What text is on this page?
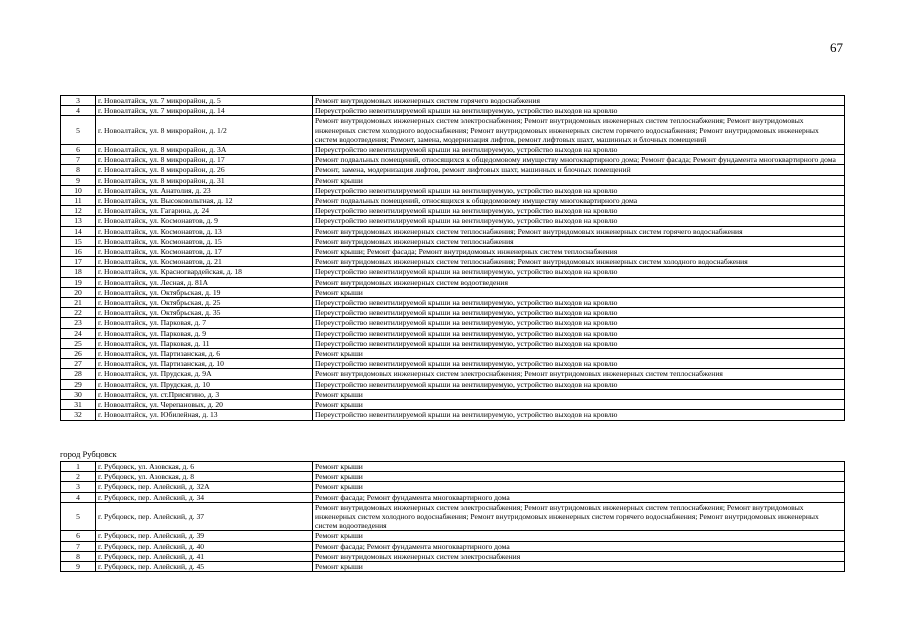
67
3	г. Новоалтайск, ул. 7 микрорайон, д. 5	Ремонт внутридомовых инженерных систем горячего водоснабжения
4	г. Новоалтайск, ул. 7 микрорайон, д. 14	Переустройство невентилируемой крыши на вентилируемую, устройство выходов на кровлю
5	г. Новоалтайск, ул. 8 микрорайон, д. 1/2	Ремонт внутридомовых инженерных систем электроснабжения; Ремонт внутридомовых инженерных систем теплоснабжения; Ремонт внутридомовых инженерных систем холодного водоснабжения; Ремонт внутридомовых инженерных систем горячего водоснабжения; Ремонт внутридомовых инженерных систем водоотведения; Ремонт, замена, модернизация лифтов, ремонт лифтовых шахт, машинных и блочных помещений
6	г. Новоалтайск, ул. 8 микрорайон, д. 3А	Переустройство невентилируемой крыши на вентилируемую, устройство выходов на кровлю
7	г. Новоалтайск, ул. 8 микрорайон, д. 17	Ремонт подвальных помещений, относящихся к общедомовому имуществу многоквартирного дома; Ремонт фасада; Ремонт фундамента многоквартирного дома
8	г. Новоалтайск, ул. 8 микрорайон, д. 26	Ремонт, замена, модернизация лифтов, ремонт лифтовых шахт, машинных и блочных помещений
9	г. Новоалтайск, ул. 8 микрорайон, д. 31	Ремонт крыши
10	г. Новоалтайск, ул. Анатолия, д. 23	Переустройство невентилируемой крыши на вентилируемую, устройство выходов на кровлю
11	г. Новоалтайск, ул. Высоковольтная, д. 12	Ремонт подвальных помещений, относящихся к общедомовому имуществу многоквартирного дома
12	г. Новоалтайск, ул. Гагарина, д. 24	Переустройство невентилируемой крыши на вентилируемую, устройство выходов на кровлю
13	г. Новоалтайск, ул. Космонавтов, д. 9	Переустройство невентилируемой крыши на вентилируемую, устройство выходов на кровлю
14	г. Новоалтайск, ул. Космонавтов, д. 13	Ремонт внутридомовых инженерных систем теплоснабжения; Ремонт внутридомовых инженерных систем горячего водоснабжения
15	г. Новоалтайск, ул. Космонавтов, д. 15	Ремонт внутридомовых инженерных систем теплоснабжения
16	г. Новоалтайск, ул. Космонавтов, д. 17	Ремонт крыши; Ремонт фасада; Ремонт внутридомовых инженерных систем теплоснабжения
17	г. Новоалтайск, ул. Космонавтов, д. 21	Ремонт внутридомовых инженерных систем теплоснабжения; Ремонт внутридомовых инженерных систем холодного водоснабжения
18	г. Новоалтайск, ул. Красногвардейская, д. 18	Переустройство невентилируемой крыши на вентилируемую, устройство выходов на кровлю
19	г. Новоалтайск, ул. Лесная, д. 81А	Ремонт внутридомовых инженерных систем водоотведения
20	г. Новоалтайск, ул. Октябрьская, д. 19	Ремонт крыши
21	г. Новоалтайск, ул. Октябрьская, д. 25	Переустройство невентилируемой крыши на вентилируемую, устройство выходов на кровлю
22	г. Новоалтайск, ул. Октябрьская, д. 35	Переустройство невентилируемой крыши на вентилируемую, устройство выходов на кровлю
23	г. Новоалтайск, ул. Парковая, д. 7	Переустройство невентилируемой крыши на вентилируемую, устройство выходов на кровлю
24	г. Новоалтайск, ул. Парковая, д. 9	Переустройство невентилируемой крыши на вентилируемую, устройство выходов на кровлю
25	г. Новоалтайск, ул. Парковая, д. 11	Переустройство невентилируемой крыши на вентилируемую, устройство выходов на кровлю
26	г. Новоалтайск, ул. Партизанская, д. 6	Ремонт крыши
27	г. Новоалтайск, ул. Партизанская, д. 10	Переустройство невентилируемой крыши на вентилируемую, устройство выходов на кровлю
28	г. Новоалтайск, ул. Прудская, д. 9А	Ремонт внутридомовых инженерных систем электроснабжения; Ремонт внутридомовых инженерных систем теплоснабжения
29	г. Новоалтайск, ул. Прудская, д. 10	Переустройство невентилируемой крыши на вентилируемую, устройство выходов на кровлю
30	г. Новоалтайск, ул. ст.Присягино, д. 3	Ремонт крыши
31	г. Новоалтайск, ул. Черепановых, д. 20	Ремонт крыши
32	г. Новоалтайск, ул. Юбилейная, д. 13	Переустройство невентилируемой крыши на вентилируемую, устройство выходов на кровлю
город Рубцовск
1	г. Рубцовск, ул. Азовская, д. 6	Ремонт крыши
2	г. Рубцовск, ул. Азовская, д. 8	Ремонт крыши
3	г. Рубцовск, пер. Алейский, д. 32А	Ремонт крыши
4	г. Рубцовск, пер. Алейский, д. 34	Ремонт фасада; Ремонт фундамента многоквартирного дома
5	г. Рубцовск, пер. Алейский, д. 37	Ремонт внутридомовых инженерных систем электроснабжения; Ремонт внутридомовых инженерных систем теплоснабжения; Ремонт внутридомовых инженерных систем холодного водоснабжения; Ремонт внутридомовых инженерных систем горячего водоснабжения; Ремонт внутридомовых инженерных систем водоотведения
6	г. Рубцовск, пер. Алейский, д. 39	Ремонт крыши
7	г. Рубцовск, пер. Алейский, д. 40	Ремонт фасада; Ремонт фундамента многоквартирного дома
8	г. Рубцовск, пер. Алейский, д. 41	Ремонт внутридомовых инженерных систем электроснабжения
9	г. Рубцовск, пер. Алейский, д. 45	Ремонт крыши
